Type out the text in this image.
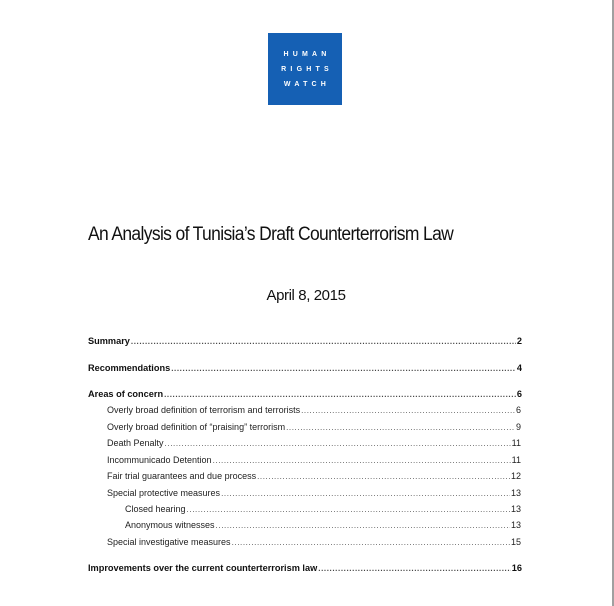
HUMAN
RIGHTS
WATCH
An Analysis of Tunisia’s Draft Counterterrorism Law
April 8, 2015
Summary .....	2
Recommendations .....	4
Areas of concern .....	6
Overly broad definition of terrorism and terrorists .....	6
Overly broad definition of “praising” terrorism .....	9
Death Penalty .....	11
Incommunicado Detention .....	11
Fair trial guarantees and due process .....	12
Special protective measures .....	13
Closed hearing .....	13
Anonymous witnesses .....	13
Special investigative measures .....	15
Improvements over the current counterterrorism law .....	16
